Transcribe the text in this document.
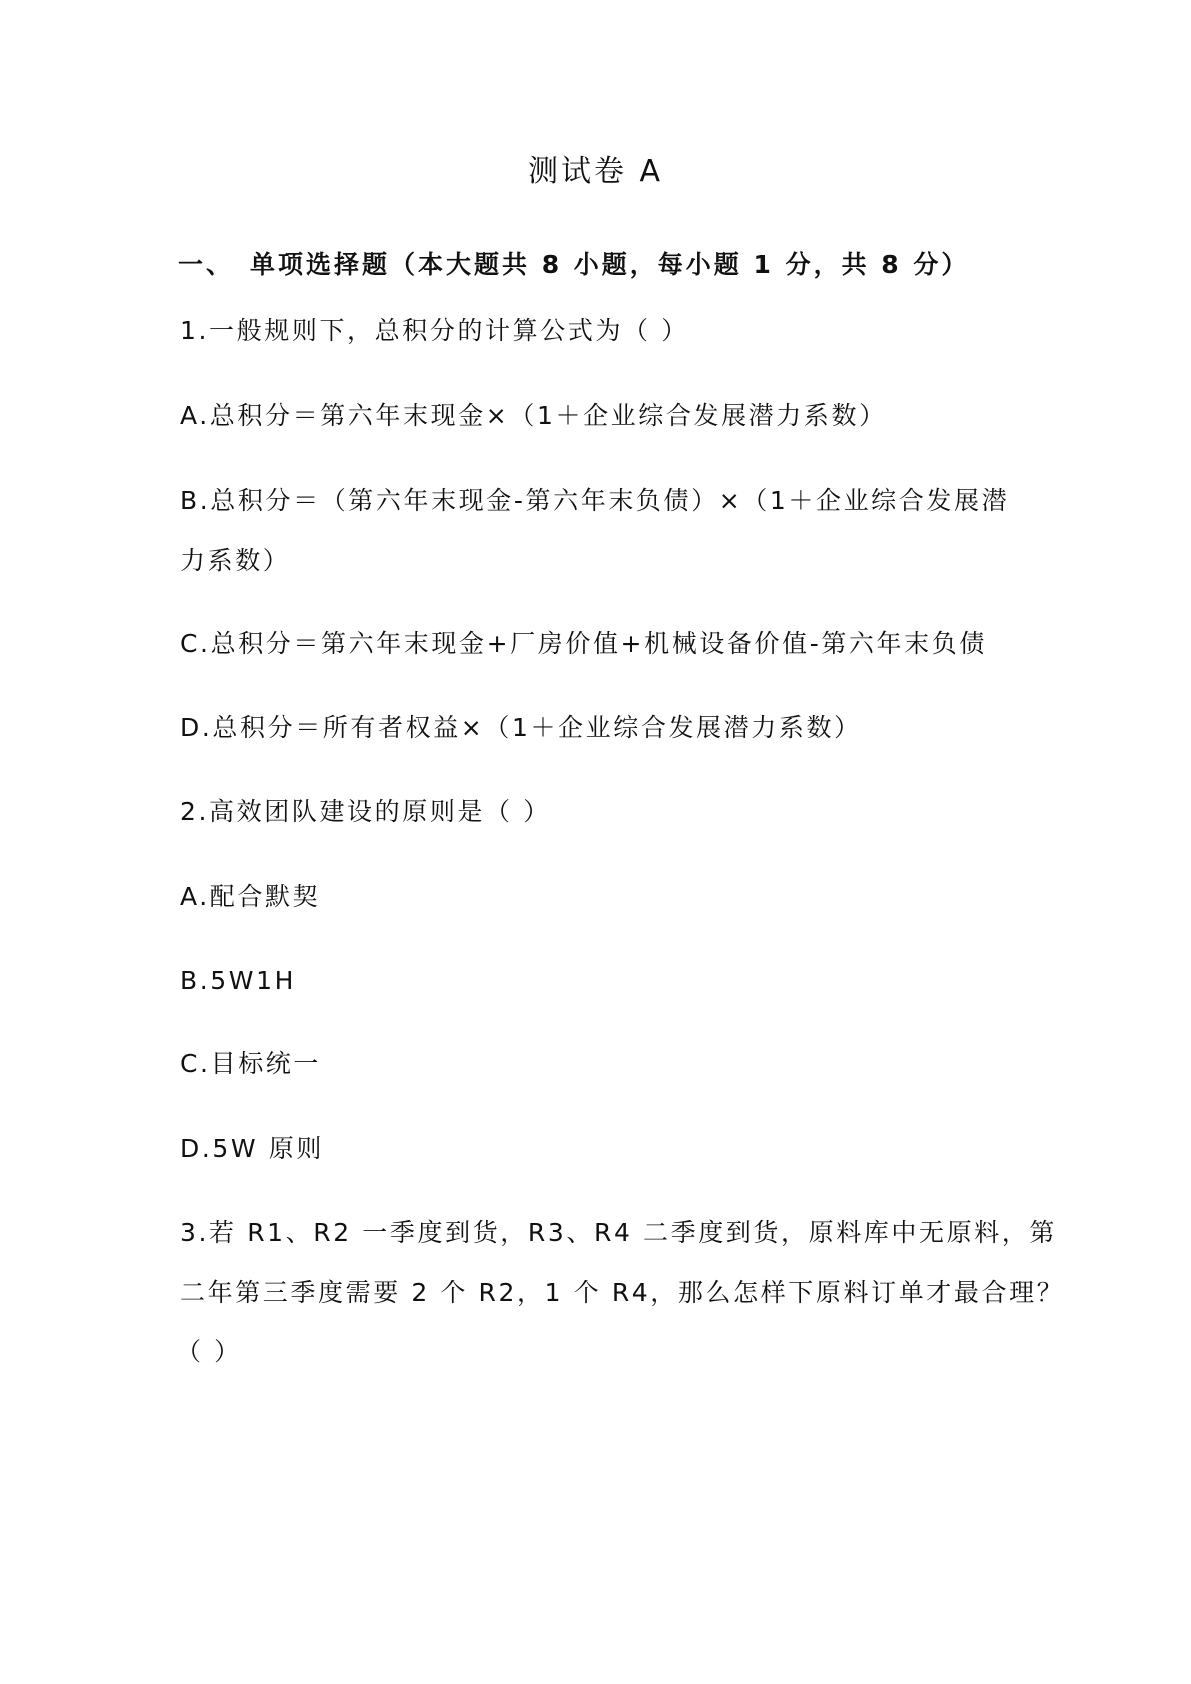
测试卷 A
一、 单项选择题（本大题共 8 小题，每小题 1 分，共 8 分）
1.一般规则下，总积分的计算公式为（ ）
A.总积分＝第六年末现金×（1＋企业综合发展潜力系数）
B.总积分＝（第六年末现金-第六年末负债）×（1＋企业综合发展潜
力系数）
C.总积分＝第六年末现金+厂房价值+机械设备价值-第六年末负债
D.总积分＝所有者权益×（1＋企业综合发展潜力系数）
2.高效团队建设的原则是（ ）
A.配合默契
B.5W1H
C.目标统一
D.5W 原则
3.若 R1、R2 一季度到货，R3、R4 二季度到货，原料库中无原料，第
二年第三季度需要 2 个 R2，1 个 R4，那么怎样下原料订单才最合理？
（ ）
